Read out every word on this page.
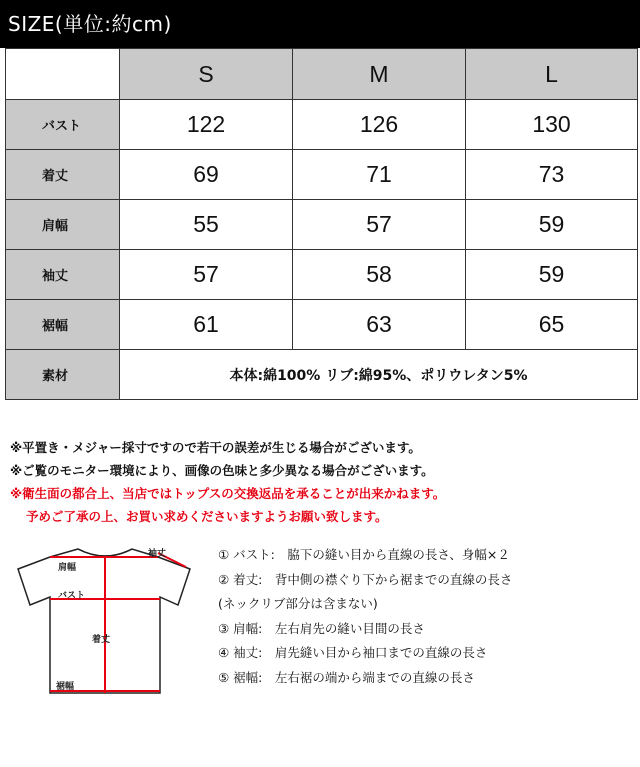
SIZE(単位:約cm)
	S	M	L
バスト	122	126	130
着丈	69	71	73
肩幅	55	57	59
袖丈	57	58	59
裾幅	61	63	65
素材	本体:綿100% リブ:綿95%、ポリウレタン5%		
※平置き・メジャー採寸ですので若干の誤差が生じる場合がございます。
※ご覧のモニター環境により、画像の色味と多少異なる場合がございます。
※衛生面の都合上、当店ではトップスの交換返品を承ることが出来かねます。
予めご了承の上、お買い求めくださいますようお願い致します。
袖丈
肩幅
バスト
着丈
裾幅
① バスト:　脇下の縫い目から直線の長さ、身幅×２
② 着丈:　背中側の襟ぐり下から裾までの直線の長さ
(ネックリブ部分は含まない)
③ 肩幅:　左右肩先の縫い目間の長さ
④ 袖丈:　肩先縫い目から袖口までの直線の長さ
⑤ 裾幅:　左右裾の端から端までの直線の長さ
